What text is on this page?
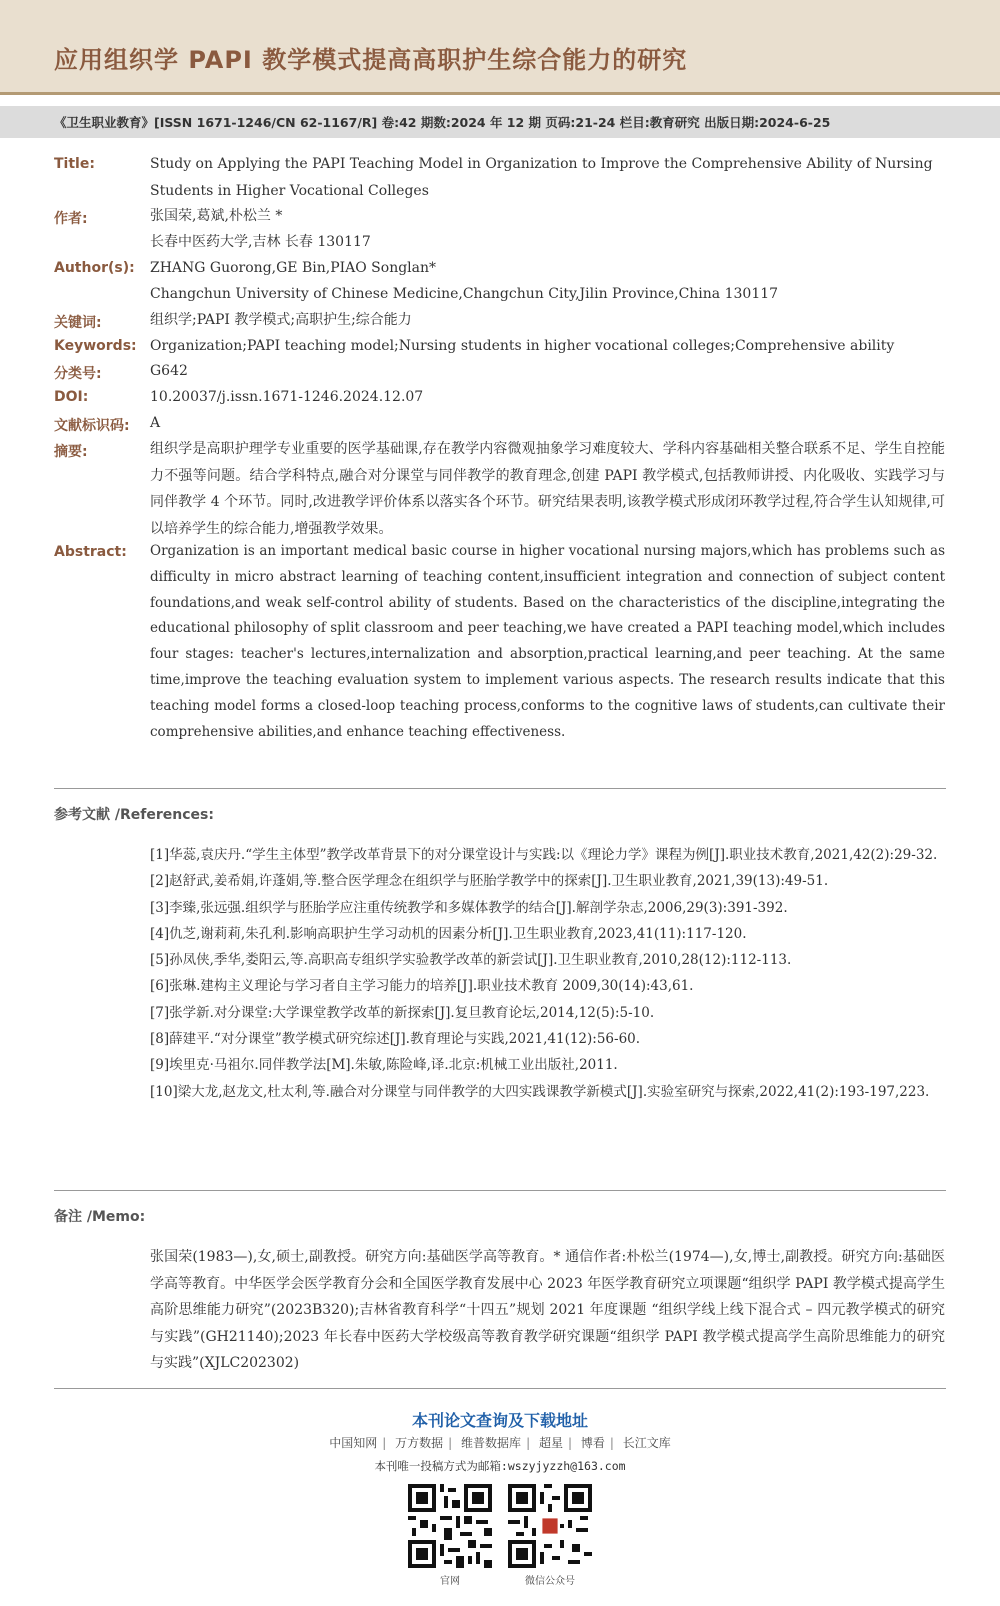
应用组织学 PAPI 教学模式提高高职护生综合能力的研究
《卫生职业教育》[ISSN 1671-1246/CN 62-1167/R] 卷:42 期数:2024 年 12 期 页码:21-24 栏目:教育研究 出版日期:2024-6-25
Title:	Study on Applying the PAPI Teaching Model in Organization to Improve the Comprehensive Ability of Nursing Students in Higher Vocational Colleges
作者:	张国荣,葛斌,朴松兰 *
长春中医药大学,吉林 长春 130117
Author(s): ZHANG Guorong,GE Bin,PIAO Songlan*
Changchun University of Chinese Medicine,Changchun City,Jilin Province,China 130117
关键词:	组织学;PAPI 教学模式;高职护生;综合能力
Keywords: Organization;PAPI teaching model;Nursing students in higher vocational colleges;Comprehensive ability
分类号:	G642
DOI:	10.20037/j.issn.1671-1246.2024.12.07
文献标识码: A
摘要:	组织学是高职护理学专业重要的医学基础课,存在教学内容微观抽象学习难度较大、学科内容基础相关整合联系不足、学生自控能力不强等问题。结合学科特点,融合对分课堂与同伴教学的教育理念,创建 PAPI 教学模式,包括教师讲授、内化吸收、实践学习与同伴教学 4 个环节。同时,改进教学评价体系以落实各个环节。研究结果表明,该教学模式形成闭环教学过程,符合学生认知规律,可以培养学生的综合能力,增强教学效果。
Abstract: Organization is an important medical basic course in higher vocational nursing majors,which has problems such as difficulty in micro abstract learning of teaching content,insufficient integration and connection of subject content foundations,and weak self-control ability of students. Based on the characteristics of the discipline,integrating the educational philosophy of split classroom and peer teaching,we have created a PAPI teaching model,which includes four stages: teacher's lectures,internalization and absorption,practical learning,and peer teaching. At the same time,improve the teaching evaluation system to implement various aspects. The research results indicate that this teaching model forms a closed-loop teaching process,conforms to the cognitive laws of students,can cultivate their comprehensive abilities,and enhance teaching effectiveness.
参考文献 /References:

[1]华蕊,袁庆丹.“学生主体型”教学改革背景下的对分课堂设计与实践:以《理论力学》课程为例[J].职业技术教育,2021,42(2):29-32.

[2]赵舒武,姜希娟,许蓬娟,等.整合医学理念在组织学与胚胎学教学中的探索[J].卫生职业教育,2021,39(13):49-51.

[3]李臻,张远强.组织学与胚胎学应注重传统教学和多媒体教学的结合[J].解剖学杂志,2006,29(3):391-392.

[4]仇芝,谢莉莉,朱孔利.影响高职护生学习动机的因素分析[J].卫生职业教育,2023,41(11):117-120.

[5]孙凤侠,季华,娄阳云,等.高职高专组织学实验教学改革的新尝试[J].卫生职业教育,2010,28(12):112-113.

[6]张琳.建构主义理论与学习者自主学习能力的培养[J].职业技术教育 2009,30(14):43,61.

[7]张学新.对分课堂:大学课堂教学改革的新探索[J].复旦教育论坛,2014,12(5):5-10.

[8]薛建平.“对分课堂”教学模式研究综述[J].教育理论与实践,2021,41(12):56-60.

[9]埃里克·马祖尔.同伴教学法[M].朱敏,陈险峰,译.北京:机械工业出版社,2011.

[10]梁大龙,赵龙文,杜太利,等.融合对分课堂与同伴教学的大四实践课教学新模式[J].实验室研究与探索,2022,41(2):193-197,223.

备注 /Memo:
张国荣(1983—),女,硕士,副教授。研究方向:基础医学高等教育。* 通信作者:朴松兰(1974—),女,博士,副教授。研究方向:基础医学高等教育。中华医学会医学教育分会和全国医学教育发展中心 2023 年医学教育研究立项课题“组织学 PAPI 教学模式提高学生高阶思维能力研究”(2023B320);吉林省教育科学“十四五”规划 2021 年度课题 “组织学线上线下混合式 – 四元教学模式的研究与实践”(GH21140);2023 年长春中医药大学校级高等教育教学研究课题“组织学 PAPI 教学模式提高学生高阶思维能力的研究与实践”(XJLC202302)
本刊论文查询及下载地址
中国知网 | 万方数据 | 维普数据库 | 超星 | 博看 | 长江文库
本刊唯一投稿方式为邮箱:wszyjyzzh@163.com
官网	微信公众号
